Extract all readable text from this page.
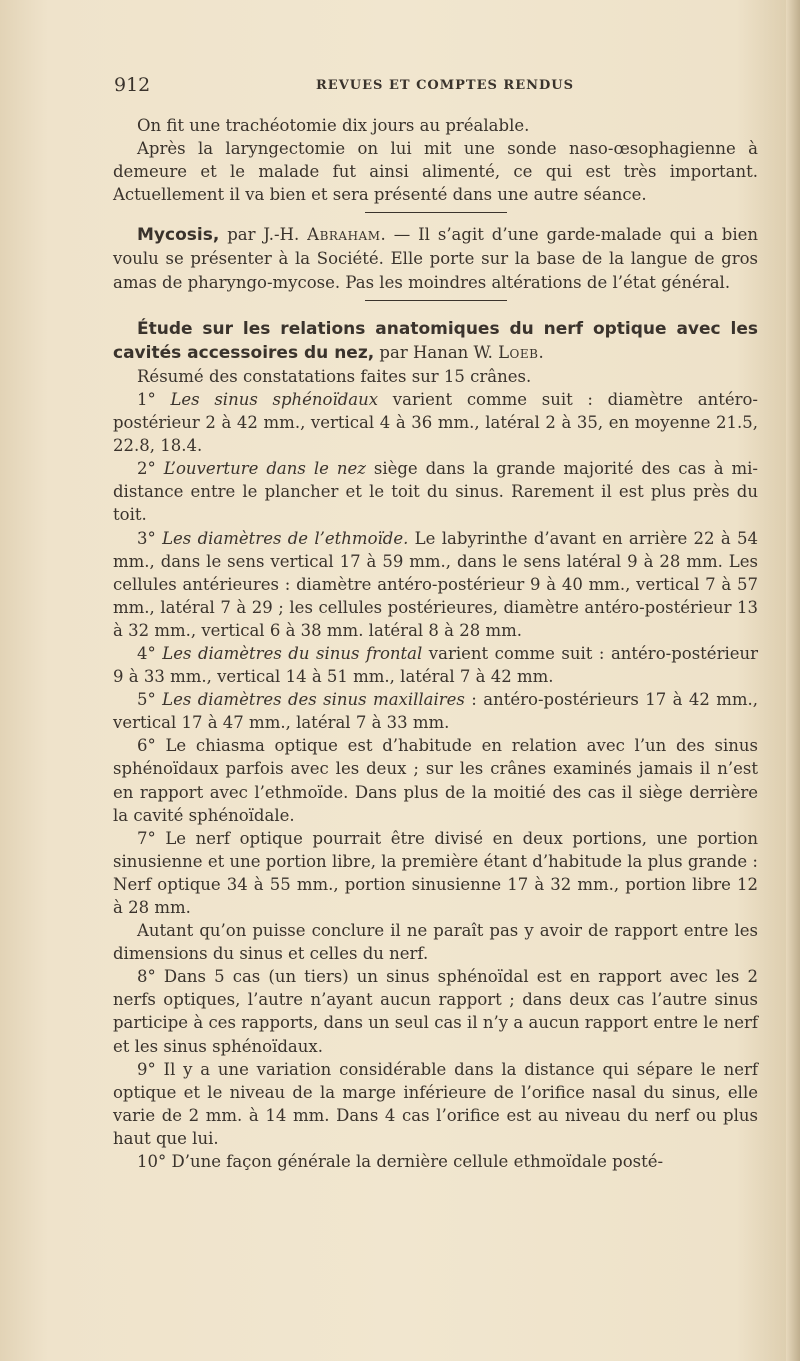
912	REVUES ET COMPTES RENDUS

On fit une trachéotomie dix jours au préalable.

Après la laryngectomie on lui mit une sonde naso-œsophagienne à demeure et le malade fut ainsi alimenté, ce qui est très important. Actuellement il va bien et sera présenté dans une autre séance.

Mycosis, par J.-H. Abraham. — Il s’agit d’une garde-malade qui a bien voulu se présenter à la Société. Elle porte sur la base de la langue de gros amas de pharyngo-mycose. Pas les moindres altérations de l’état général.

Étude sur les relations anatomiques du nerf optique avec les cavités accessoires du nez, par Hanan W. Loeb.

Résumé des constatations faites sur 15 crânes.

1° Les sinus sphénoïdaux varient comme suit : diamètre antéro-postérieur 2 à 42 mm., vertical 4 à 36 mm., latéral 2 à 35, en moyenne 21.5, 22.8, 18.4.

2° L’ouverture dans le nez siège dans la grande majorité des cas à mi-distance entre le plancher et le toit du sinus. Rarement il est plus près du toit.

3° Les diamètres de l’ethmoïde. Le labyrinthe d’avant en arrière 22 à 54 mm., dans le sens vertical 17 à 59 mm., dans le sens latéral 9 à 28 mm. Les cellules antérieures : diamètre antéro-postérieur 9 à 40 mm., vertical 7 à 57 mm., latéral 7 à 29 ; les cellules postérieures, diamètre antéro-postérieur 13 à 32 mm., vertical 6 à 38 mm. latéral 8 à 28 mm.

4° Les diamètres du sinus frontal varient comme suit : antéro-postérieur 9 à 33 mm., vertical 14 à 51 mm., latéral 7 à 42 mm.

5° Les diamètres des sinus maxillaires : antéro-postérieurs 17 à 42 mm., vertical 17 à 47 mm., latéral 7 à 33 mm.

6° Le chiasma optique est d’habitude en relation avec l’un des sinus sphénoïdaux parfois avec les deux ; sur les crânes examinés jamais il n’est en rapport avec l’ethmoïde. Dans plus de la moitié des cas il siège derrière la cavité sphénoïdale.

7° Le nerf optique pourrait être divisé en deux portions, une portion sinusienne et une portion libre, la première étant d’habitude la plus grande : Nerf optique 34 à 55 mm., portion sinusienne 17 à 32 mm., portion libre 12 à 28 mm.

Autant qu’on puisse conclure il ne paraît pas y avoir de rapport entre les dimensions du sinus et celles du nerf.

8° Dans 5 cas (un tiers) un sinus sphénoïdal est en rapport avec les 2 nerfs optiques, l’autre n’ayant aucun rapport ; dans deux cas l’autre sinus participe à ces rapports, dans un seul cas il n’y a aucun rapport entre le nerf et les sinus sphénoïdaux.

9° Il y a une variation considérable dans la distance qui sépare le nerf optique et le niveau de la marge inférieure de l’orifice nasal du sinus, elle varie de 2 mm. à 14 mm. Dans 4 cas l’orifice est au niveau du nerf ou plus haut que lui.

10° D’une façon générale la dernière cellule ethmoïdale posté-
